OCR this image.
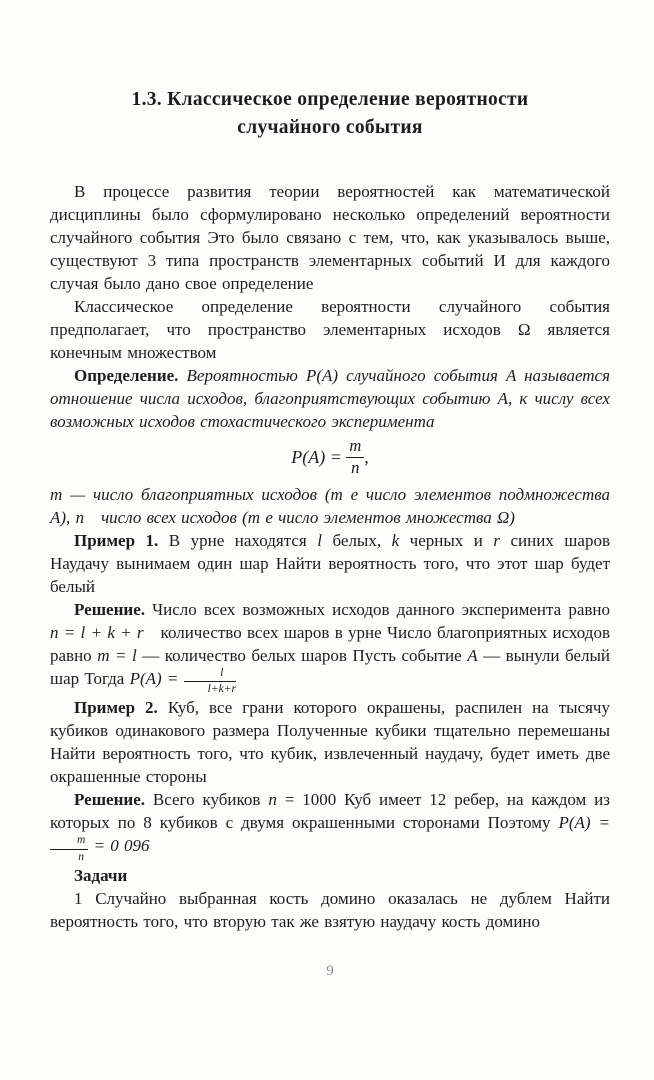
1.3. Классическое определение вероятности
случайного события

В процессе развития теории вероятностей как математической дисциплины было сформулировано несколько определений вероятности случайного события Это было связано с тем, что, как указывалось выше, существуют 3 типа пространств элементарных событий И для каждого случая было дано свое определение

Классическое определение вероятности случайного события предполагает, что пространство элементарных исходов Ω является конечным множеством

Определение. Вероятностью P(A) случайного события A называется отношение числа исходов, благоприятствующих событию A, к числу всех возможных исходов стохастического эксперимента

$P(A) = \frac{m}{n}$ ,

m — число благоприятных исходов (т е число элементов подмножества A), n  число всех исходов (т е число элементов множества Ω)

Пример 1. В урне находятся l белых, k черных и r синих шаров Наудачу вынимаем один шар Найти вероятность того, что этот шар будет белый

Решение. Число всех возможных исходов данного эксперимента равно n = l + k + r  количество всех шаров в урне Число благоприятных исходов равно m = l — количество белых шаров Пусть событие A — вынули белый шар Тогда $P(A) = \frac{l}{l+k+r}$

Пример 2. Куб, все грани которого окрашены, распилен на тысячу кубиков одинакового размера Полученные кубики тщательно перемешаны Найти вероятность того, что кубик, извлеченный наудачу, будет иметь две окрашенные стороны

Решение. Всего кубиков n = 1000 Куб имеет 12 ребер, на каждом из которых по 8 кубиков с двумя окрашенными сторонами Поэтому P(A) =
$\frac{m}{n} = 0$ 096

Задачи

1 Случайно выбранная кость домино оказалась не дублем Найти вероятность того, что вторую так же взятую наудачу кость домино

9
